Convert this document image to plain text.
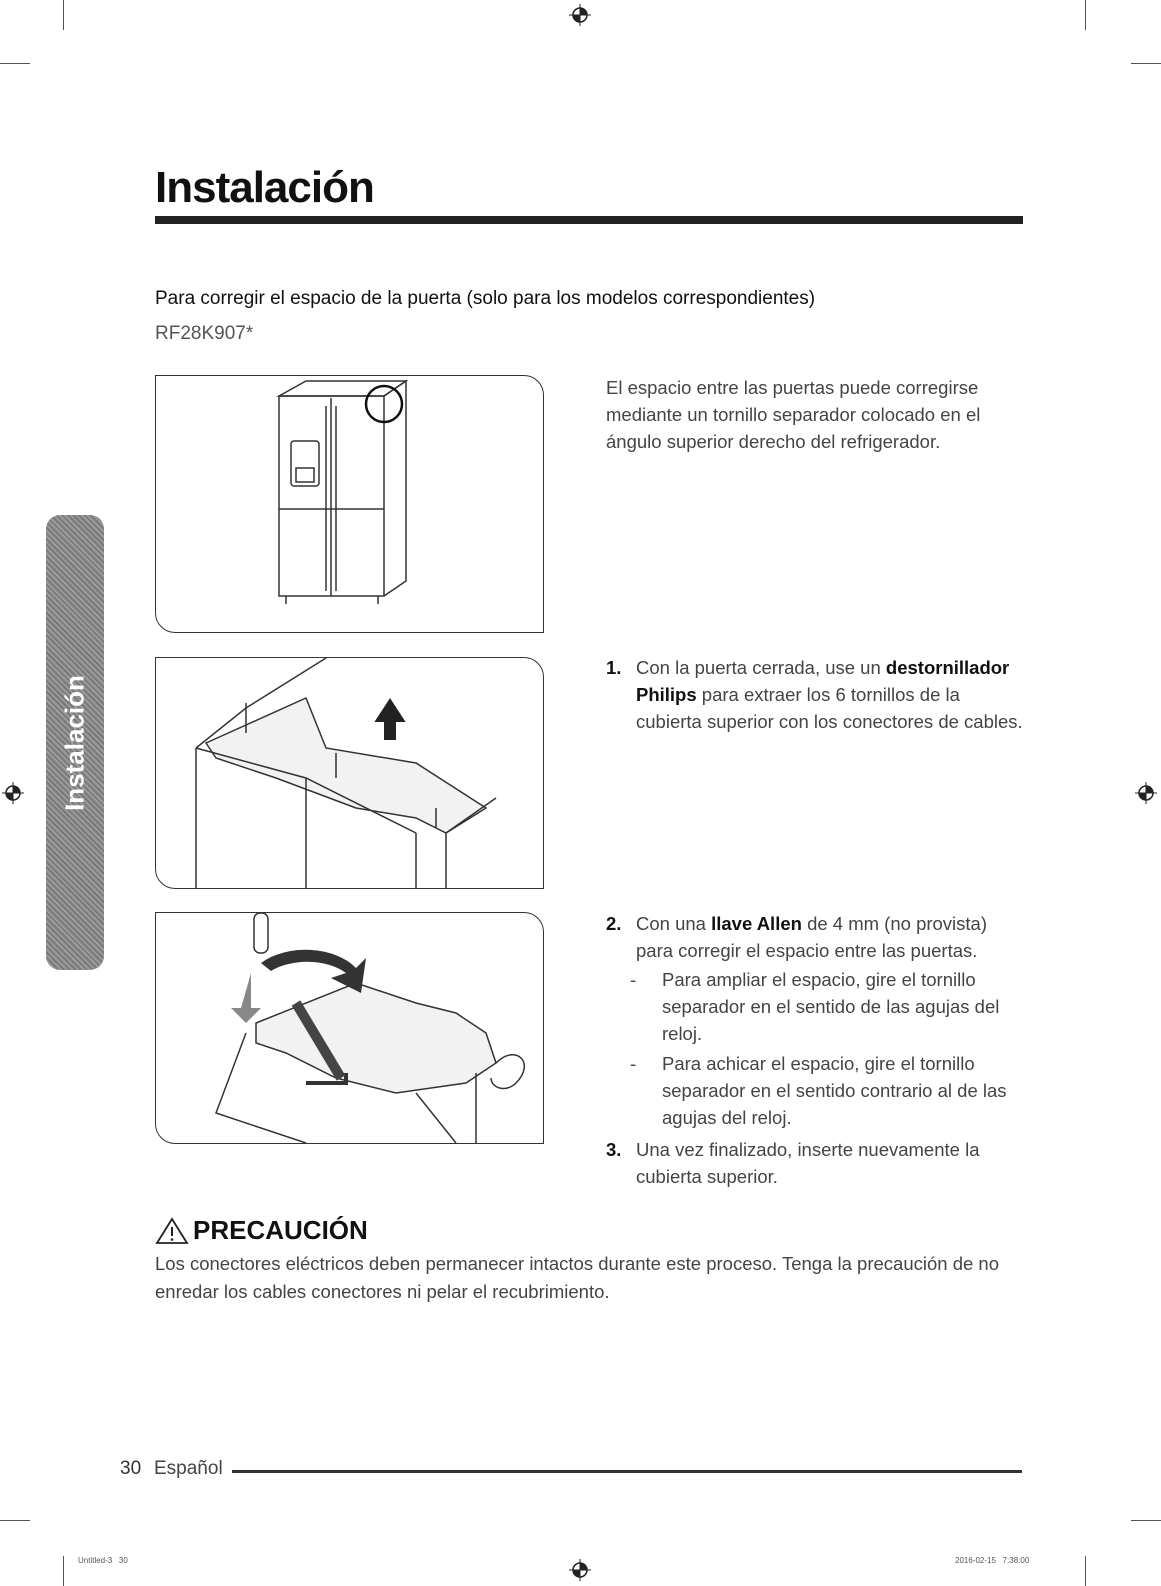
Instalación
Para corregir el espacio de la puerta (solo para los modelos correspondientes)
RF28K907*
Instalación
El espacio entre las puertas puede corregirse mediante un tornillo separador colocado en el ángulo superior derecho del refrigerador.
1. Con la puerta cerrada, use un destornillador Philips para extraer los 6 tornillos de la cubierta superior con los conectores de cables.
2. Con una llave Allen de 4 mm (no provista) para corregir el espacio entre las puertas.
- Para ampliar el espacio, gire el tornillo separador en el sentido de las agujas del reloj.
- Para achicar el espacio, gire el tornillo separador en el sentido contrario al de las agujas del reloj.
3. Una vez finalizado, inserte nuevamente la cubierta superior.
PRECAUCIÓN
Los conectores eléctricos deben permanecer intactos durante este proceso. Tenga la precaución de no enredar los cables conectores ni pelar el recubrimiento.
30 Español
Untitled-3   30	2016-02-15   7:38:00
